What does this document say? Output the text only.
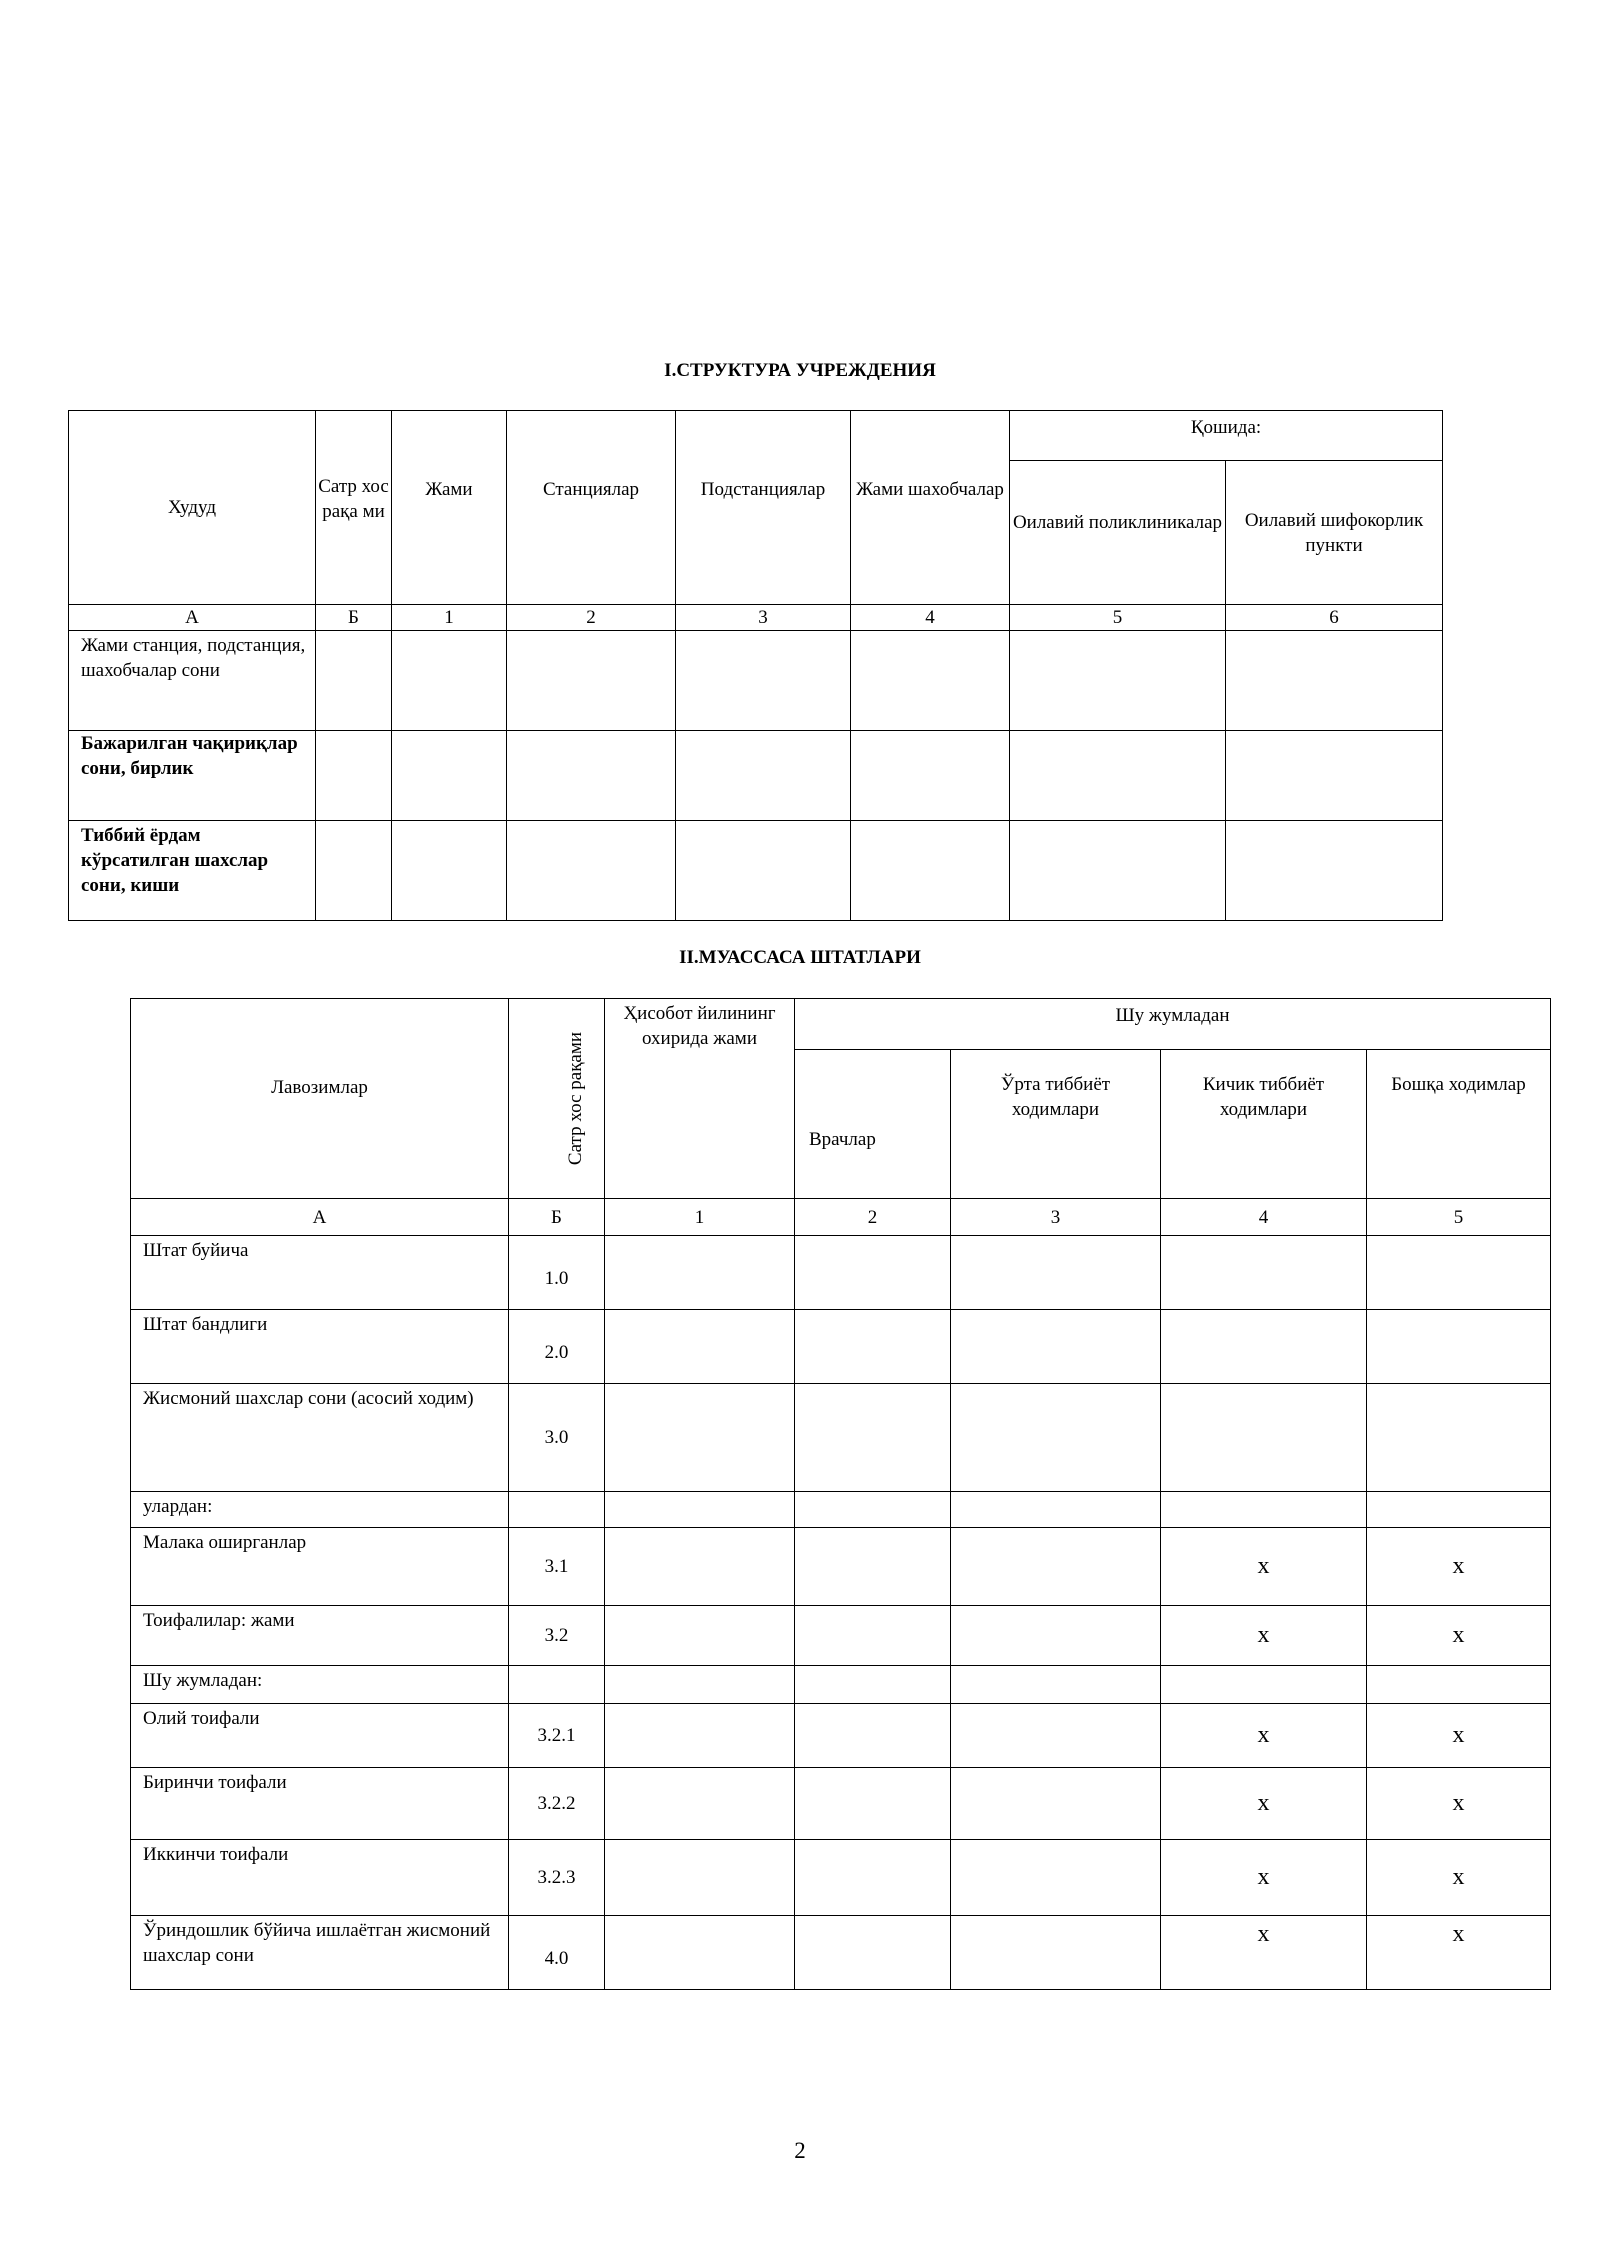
I.СТРУКТУРА УЧРЕЖДЕНИЯ
Худуд	Сатр хос рақа ми	Жами	Станциялар	Подстанциялар	Жами шахобчалар	Қошида:	
						Оилавий поликлиникалар	Оилавий шифокорлик пункти
А	Б	1	2	3	4	5	6
Жами станция, подстанция, шахобчалар сони							
Бажарилган чақириқлар сони, бирлик							
Тиббий ёрдам кўрсатилган шахслар сони, киши							
II.МУАССАСА ШТАТЛАРИ
Лавозимлар	Сатр хос рақами	Ҳисобот йилининг охирида жами	Шу жумладан			
			Врачлар	Ўрта тиббиёт ходимлари	Кичик тиббиёт ходимлари	Бошқа ходимлар
А	Б	1	2	3	4	5
Штат буйича	1.0					
Штат бандлиги	2.0					
Жисмоний шахслар сони (асосий ходим)	3.0					
улардан:						
Малака оширганлар	3.1				х	х
Тоифалилар: жами	3.2				х	х
Шу жумладан:						
Олий тоифали	3.2.1				х	х
Биринчи тоифали	3.2.2				х	х
Иккинчи тоифали	3.2.3				х	х
Ўриндошлик бўйича ишлаётган жисмоний шахслар сони	4.0				х	х
2
